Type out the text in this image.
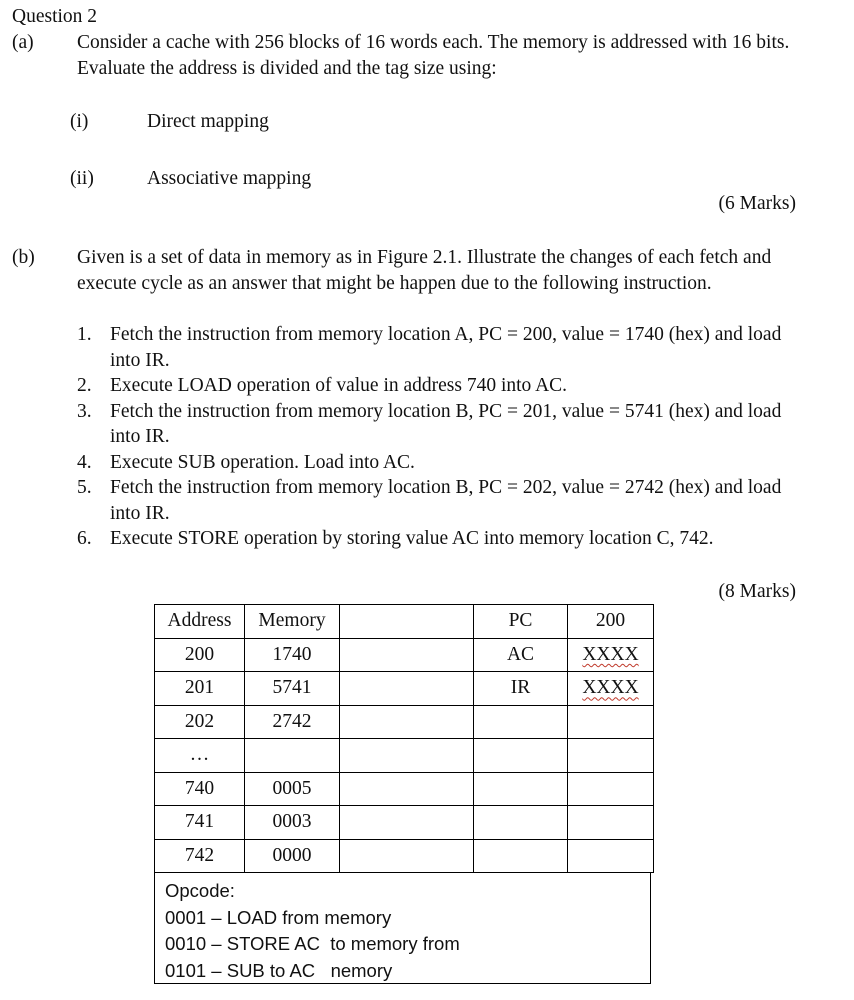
Question 2
(a) Consider a cache with 256 blocks of 16 words each. The memory is addressed with 16 bits. Evaluate the address is divided and the tag size using:
(i)	Direct mapping
(ii)	Associative mapping
(6 Marks)
(b) Given is a set of data in memory as in Figure 2.1. Illustrate the changes of each fetch and execute cycle as an answer that might be happen due to the following instruction.
1. Fetch the instruction from memory location A, PC = 200, value = 1740 (hex) and load into IR.
2. Execute LOAD operation of value in address 740 into AC.
3. Fetch the instruction from memory location B, PC = 201, value = 5741 (hex) and load into IR.
4. Execute SUB operation. Load into AC.
5. Fetch the instruction from memory location B, PC = 202, value = 2742 (hex) and load into IR.
6. Execute STORE operation by storing value AC into memory location C, 742.
(8 Marks)
Address	Memory		PC	200
200	1740		AC	XXXX
201	5741		IR	XXXX
202	2742			
…				
740	0005			
741	0003			
742	0000			
Opcode:
0001 – LOAD from memory
0010 – STORE AC  to memory from
0101 – SUB to AC   nemory
